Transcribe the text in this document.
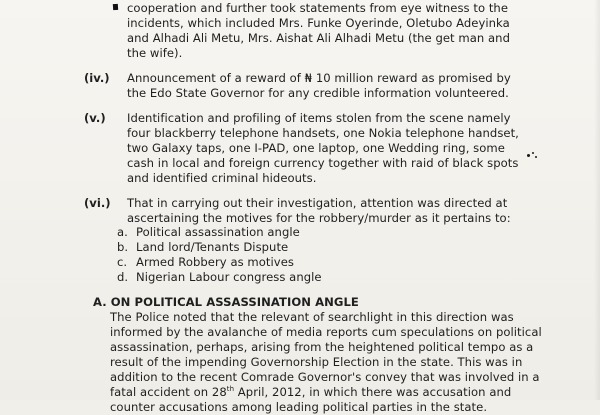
cooperation and further took statements from eye witness to the
incidents, which included Mrs. Funke Oyerinde, Oletubo Adeyinka
and Alhadi Ali Metu, Mrs. Aishat Ali Alhadi Metu (the get man and
the wife).
(iv.) Announcement of a reward of ₦ 10 million reward as promised by
the Edo State Governor for any credible information volunteered.
(v.) Identification and profiling of items stolen from the scene namely
four blackberry telephone handsets, one Nokia telephone handset,
two Galaxy taps, one I-PAD, one laptop, one Wedding ring, some
cash in local and foreign currency together with raid of black spots
and identified criminal hideouts.
(vi.) That in carrying out their investigation, attention was directed at
ascertaining the motives for the robbery/murder as it pertains to:
a. Political assassination angle
b. Land lord/Tenants Dispute
c. Armed Robbery as motives
d. Nigerian Labour congress angle
A. ON POLITICAL ASSASSINATION ANGLE
The Police noted that the relevant of searchlight in this direction was
informed by the avalanche of media reports cum speculations on political
assassination, perhaps, arising from the heightened political tempo as a
result of the impending Governorship Election in the state. This was in
addition to the recent Comrade Governor's convey that was involved in a
fatal accident on 28th April, 2012, in which there was accusation and
counter accusations among leading political parties in the state.
